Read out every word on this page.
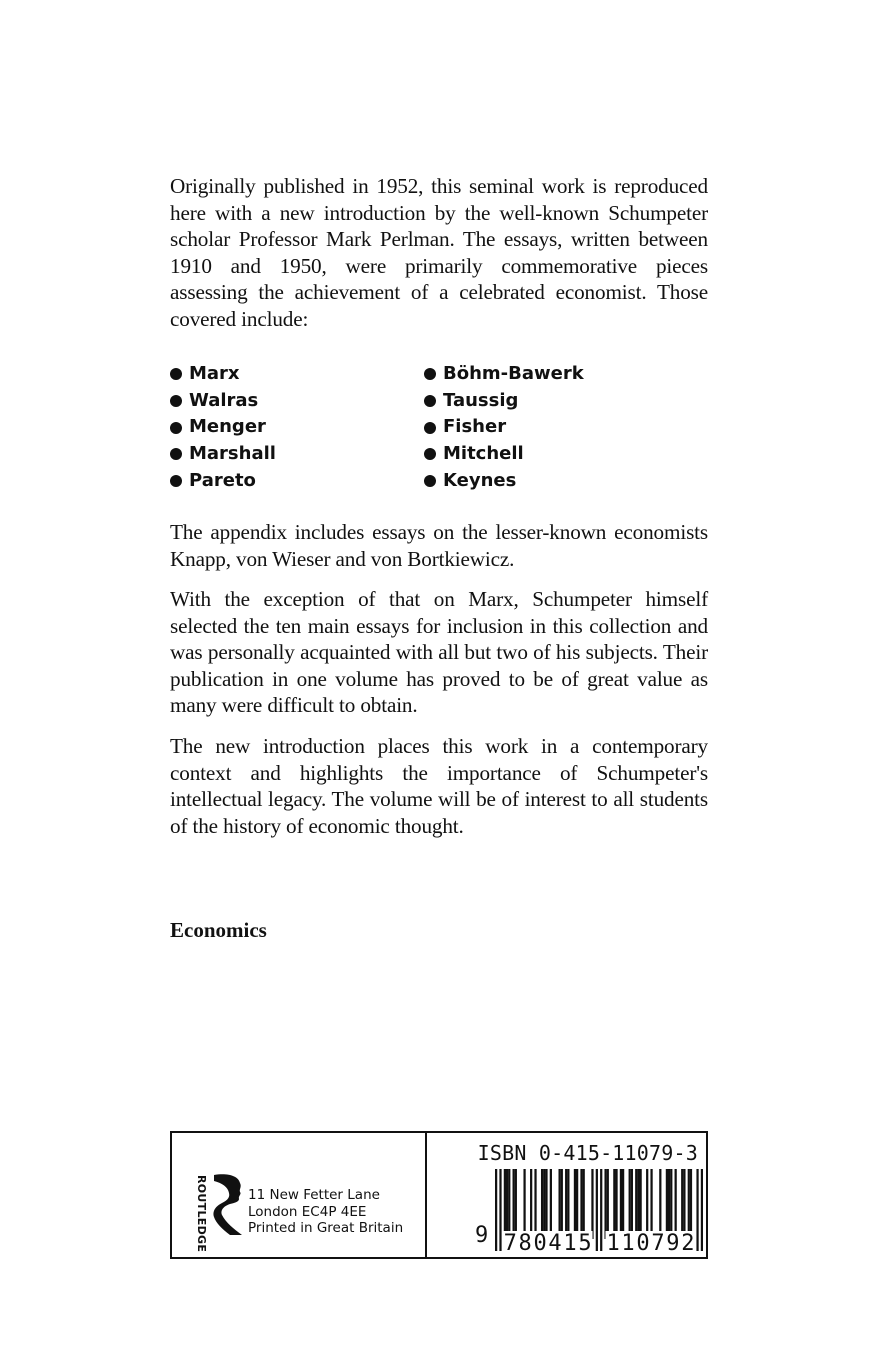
Originally published in 1952, this seminal work is reproduced here with a new introduction by the well-known Schumpeter scholar Professor Mark Perlman. The essays, written between 1910 and 1950, were primarily commemorative pieces assessing the achievement of a celebrated economist. Those covered include:
Marx
Walras
Menger
Marshall
Pareto
Böhm-Bawerk
Taussig
Fisher
Mitchell
Keynes
The appendix includes essays on the lesser-known economists Knapp, von Wieser and von Bortkiewicz.
With the exception of that on Marx, Schumpeter himself selected the ten main essays for inclusion in this collection and was personally acquainted with all but two of his subjects. Their publication in one volume has proved to be of great value as many were difficult to obtain.
The new introduction places this work in a contemporary context and highlights the importance of Schumpeter's intellectual legacy. The volume will be of interest to all students of the history of economic thought.
Economics
ROUTLEDGE	11 New Fetter Lane
London EC4P 4EE
Printed in Great Britain
ISBN 0-415-11079-3
9 780415 110792
